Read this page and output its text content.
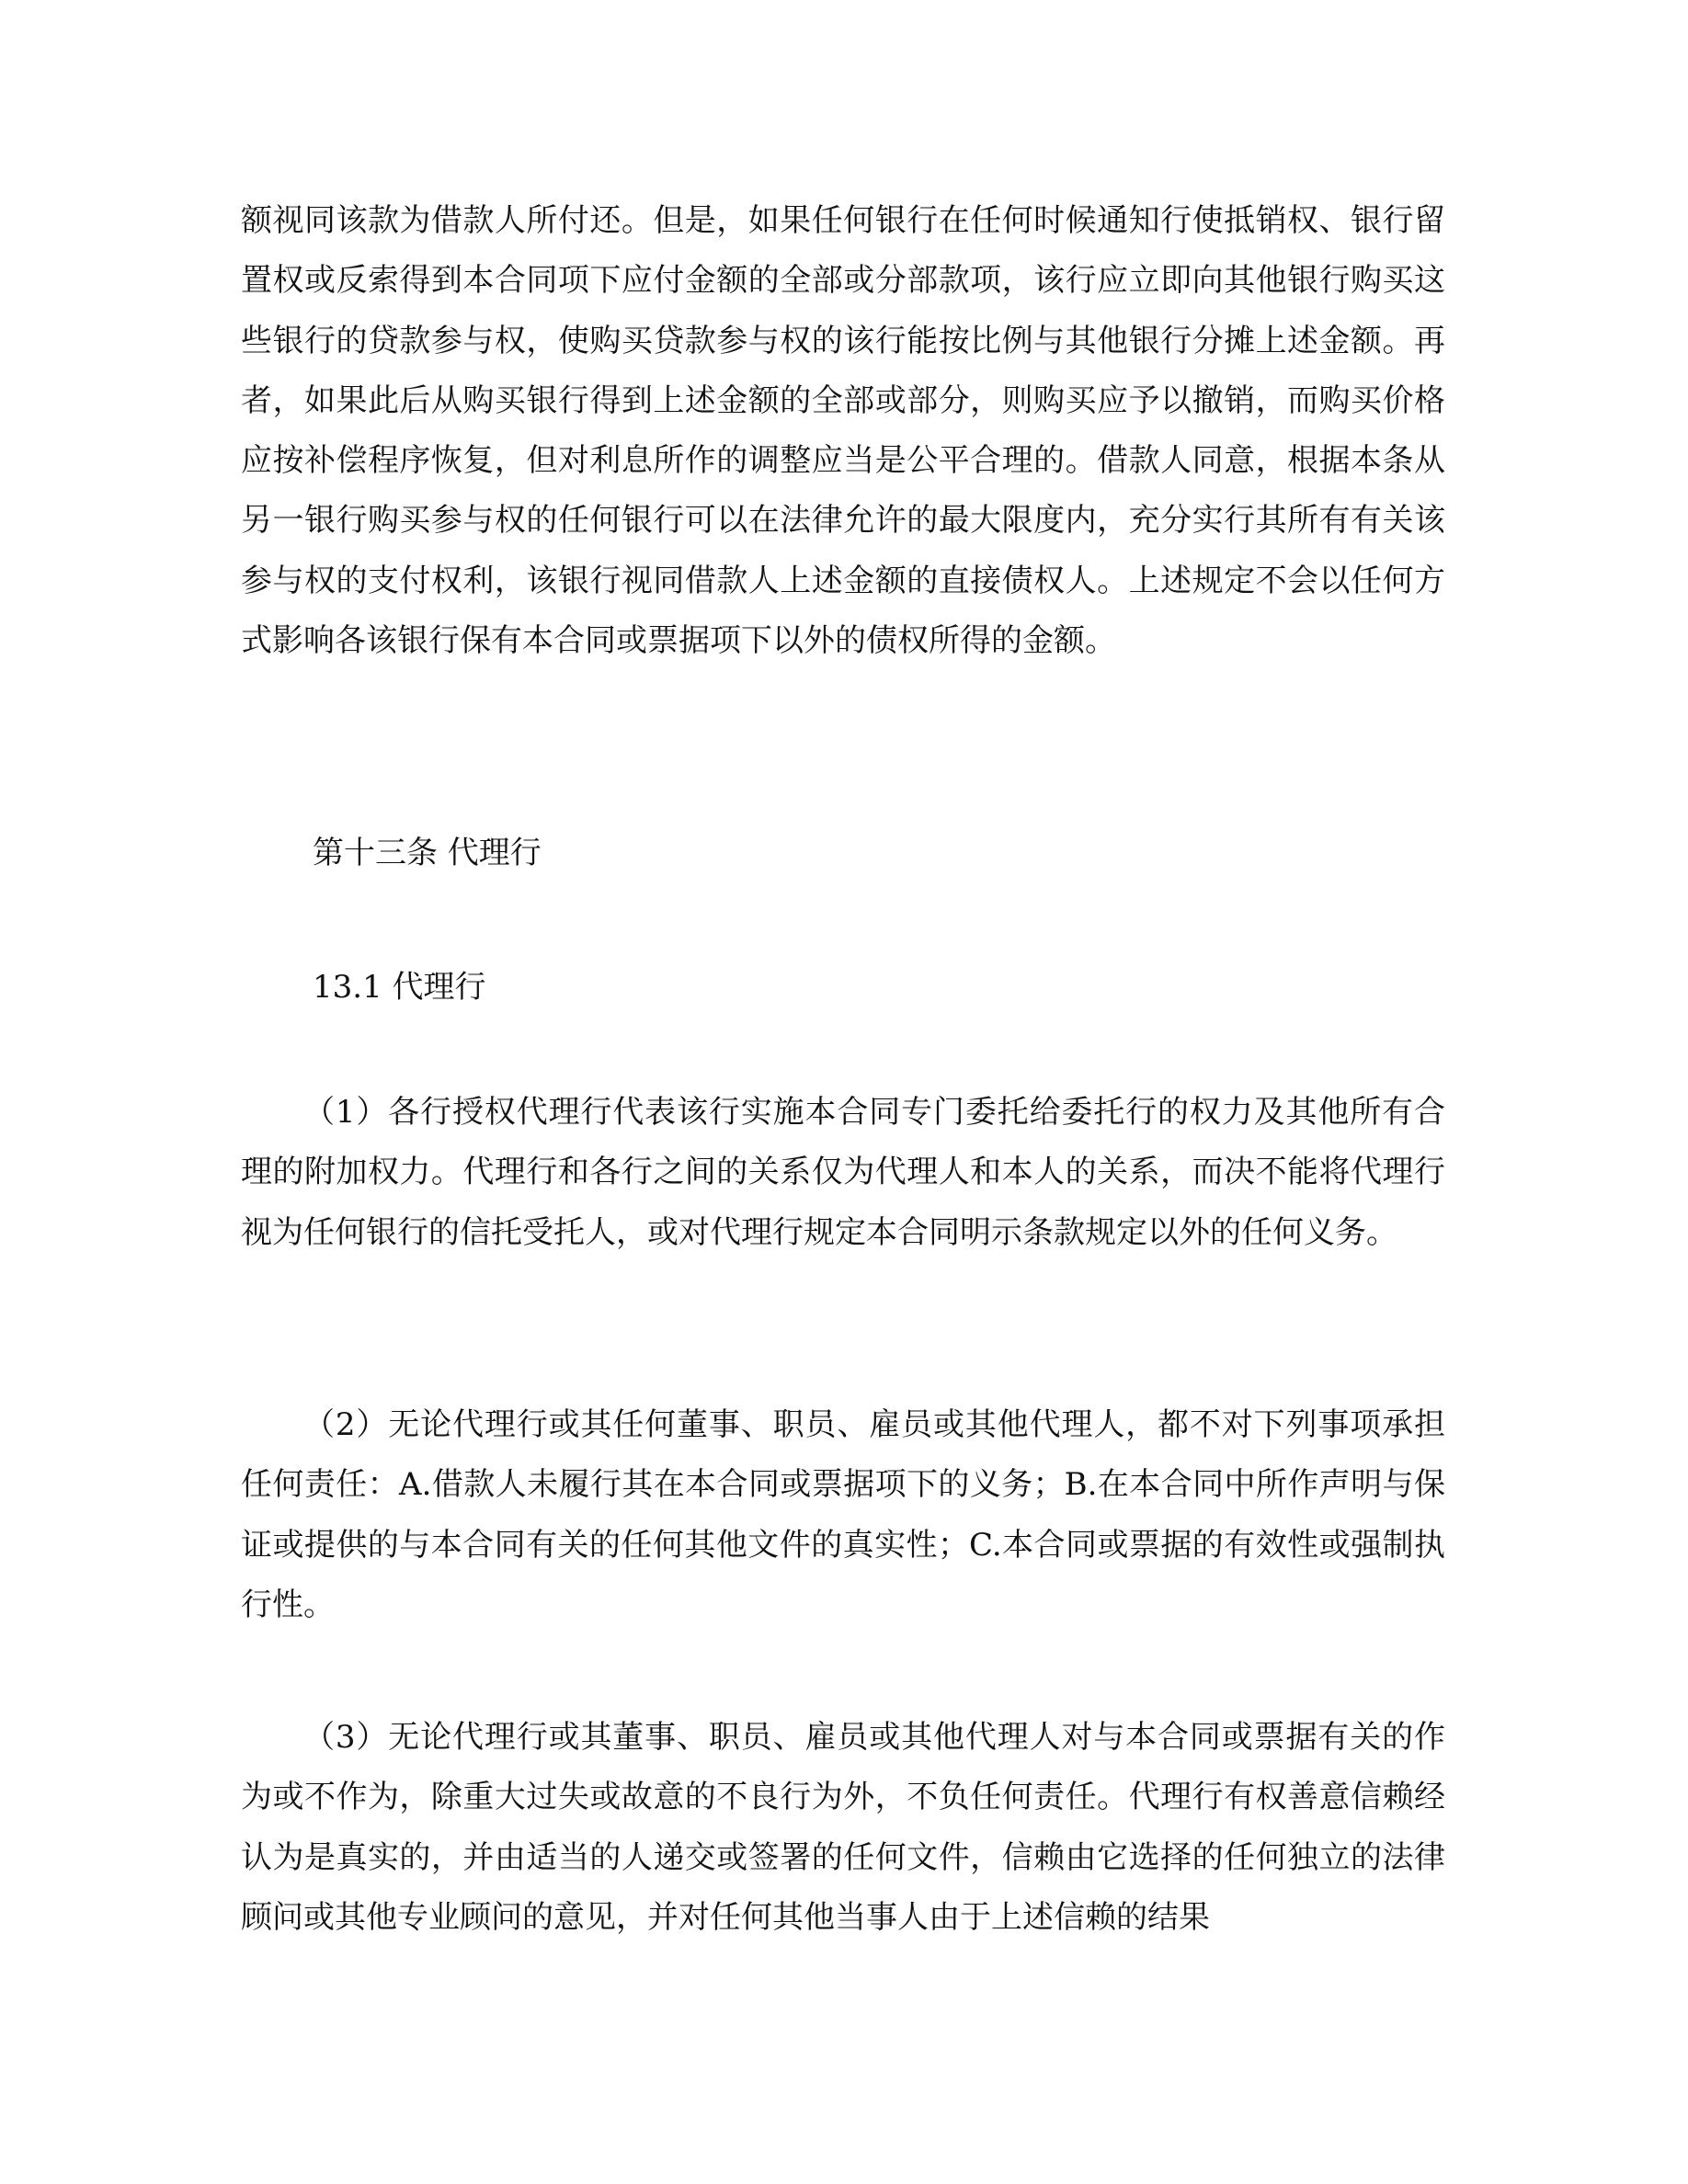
额视同该款为借款人所付还。但是，如果任何银行在任何时候通知行使抵销权、银行留置权或反索得到本合同项下应付金额的全部或分部款项，该行应立即向其他银行购买这些银行的贷款参与权，使购买贷款参与权的该行能按比例与其他银行分摊上述金额。再者，如果此后从购买银行得到上述金额的全部或部分，则购买应予以撤销，而购买价格应按补偿程序恢复，但对利息所作的调整应当是公平合理的。借款人同意，根据本条从另一银行购买参与权的任何银行可以在法律允许的最大限度内，充分实行其所有有关该参与权的支付权利，该银行视同借款人上述金额的直接债权人。上述规定不会以任何方式影响各该银行保有本合同或票据项下以外的债权所得的金额。

第十三条 代理行

13.1 代理行

（1）各行授权代理行代表该行实施本合同专门委托给委托行的权力及其他所有合理的附加权力。代理行和各行之间的关系仅为代理人和本人的关系，而决不能将代理行视为任何银行的信托受托人，或对代理行规定本合同明示条款规定以外的任何义务。

（2）无论代理行或其任何董事、职员、雇员或其他代理人，都不对下列事项承担任何责任：A.借款人未履行其在本合同或票据项下的义务；B.在本合同中所作声明与保证或提供的与本合同有关的任何其他文件的真实性；C.本合同或票据的有效性或强制执行性。

（3）无论代理行或其董事、职员、雇员或其他代理人对与本合同或票据有关的作为或不作为，除重大过失或故意的不良行为外，不负任何责任。代理行有权善意信赖经认为是真实的，并由适当的人递交或签署的任何文件，信赖由它选择的任何独立的法律顾问或其他专业顾问的意见，并对任何其他当事人由于上述信赖的结果
